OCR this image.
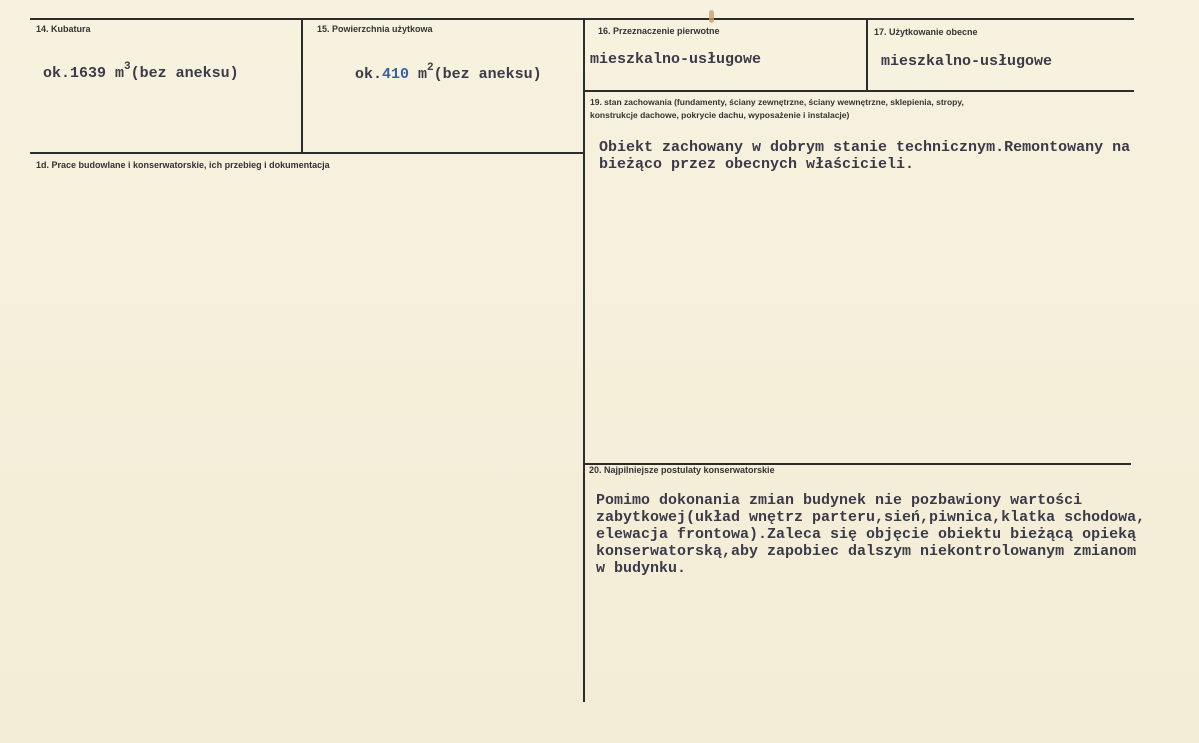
14. Kubatura
ok.1639 $m^3(bez$ aneksu)
15. Powierzchnia użytkowa
ok.410 $m^2(bez$ aneksu)
16. Przeznaczenie pierwotne
mieszkalno-usługowe
17. Użytkowanie obecne
mieszkalno-usługowe
1d. Prace budowlane i konserwatorskie, ich przebieg i dokumentacja
19. stan zachowania (fundamenty, ściany zewnętrzne, ściany wewnętrzne, sklepienia, stropy,
konstrukcje dachowe, pokrycie dachu, wyposażenie i instalacje)
Obiekt zachowany w dobrym stanie technicznym.Remontowany na
bieżąco przez obecnych właścicieli.
20. Najpilniejsze postulaty konserwatorskie
Pomimo dokonania zmian budynek nie pozbawiony wartości
zabytkowej(układ wnętrz parteru,sień,piwnica,klatka schodowa,
elewacja frontowa).Zaleca się objęcie obiektu bieżącą opieką
konserwatorską,aby zapobiec dalszym niekontrolowanym zmianom
w budynku.
